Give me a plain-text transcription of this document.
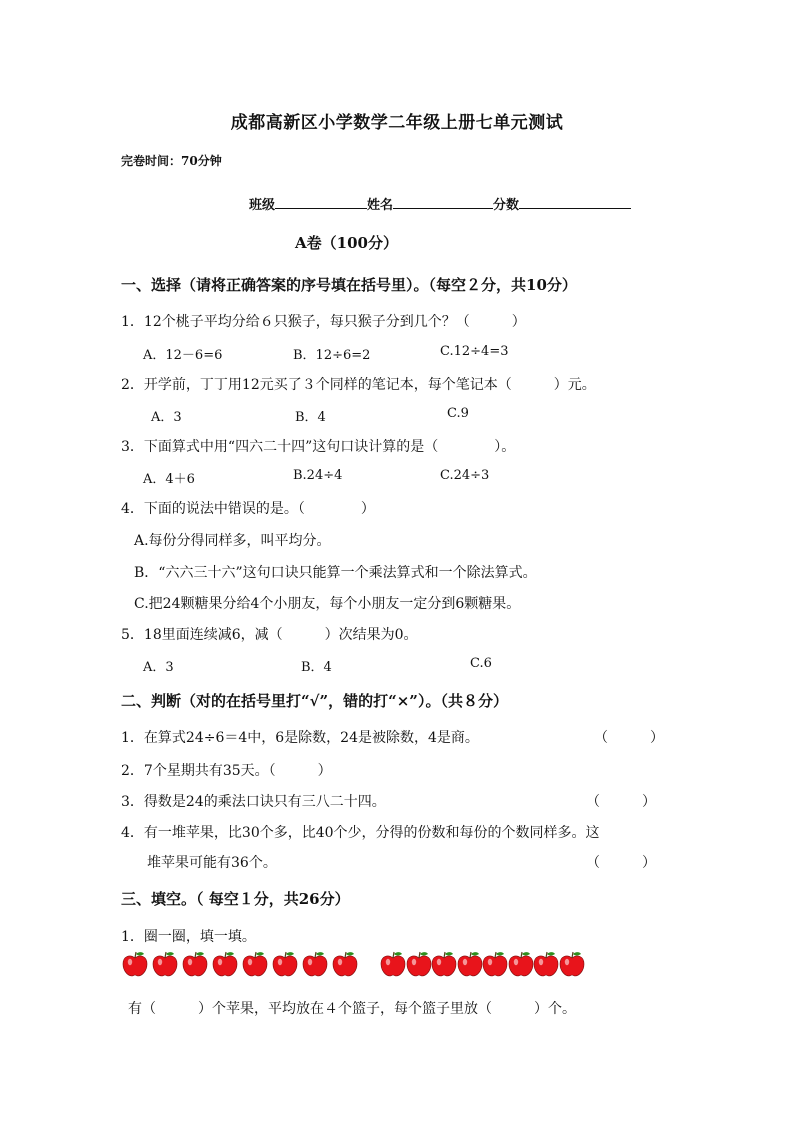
成都高新区小学数学二年级上册七单元测试
完卷时间：70分钟
班级	姓名	分数
A卷（100分）
一、选择（请将正确答案的序号填在括号里）。（每空２分，共10分）
1．12个桃子平均分给６只猴子，每只猴子分到几个？（　　　）
A．12－6=6	B．12÷6=2	C.12÷4=3
2．开学前，丁丁用12元买了３个同样的笔记本，每个笔记本（　　　）元。
A．3	B．4	C.9
3．下面算式中用“四六二十四”这句口诀计算的是（　　　　）。
A．4＋6	B.24÷4	C.24÷3
4．下面的说法中错误的是。（　　　　）
A.每份分得同样多，叫平均分。
B．“六六三十六”这句口诀只能算一个乘法算式和一个除法算式。
C.把24颗糖果分给4个小朋友，每个小朋友一定分到6颗糖果。
5．18里面连续减6，减（　　　）次结果为0。
A．3	B．4	C.6
二、判断（对的在括号里打“√”，错的打“×”）。（共８分）
1．在算式24÷6＝4中，6是除数，24是被除数，4是商。	（　　　）
2．7个星期共有35天。（　　　）
3．得数是24的乘法口诀只有三八二十四。	（　　　）
4．有一堆苹果，比30个多，比40个少，分得的份数和每份的个数同样多。这
堆苹果可能有36个。	（　　　）
三、填空。（ 每空１分，共26分）
1．圈一圈，填一填。
有（　　　）个苹果，平均放在４个篮子，每个篮子里放（　　　）个。
